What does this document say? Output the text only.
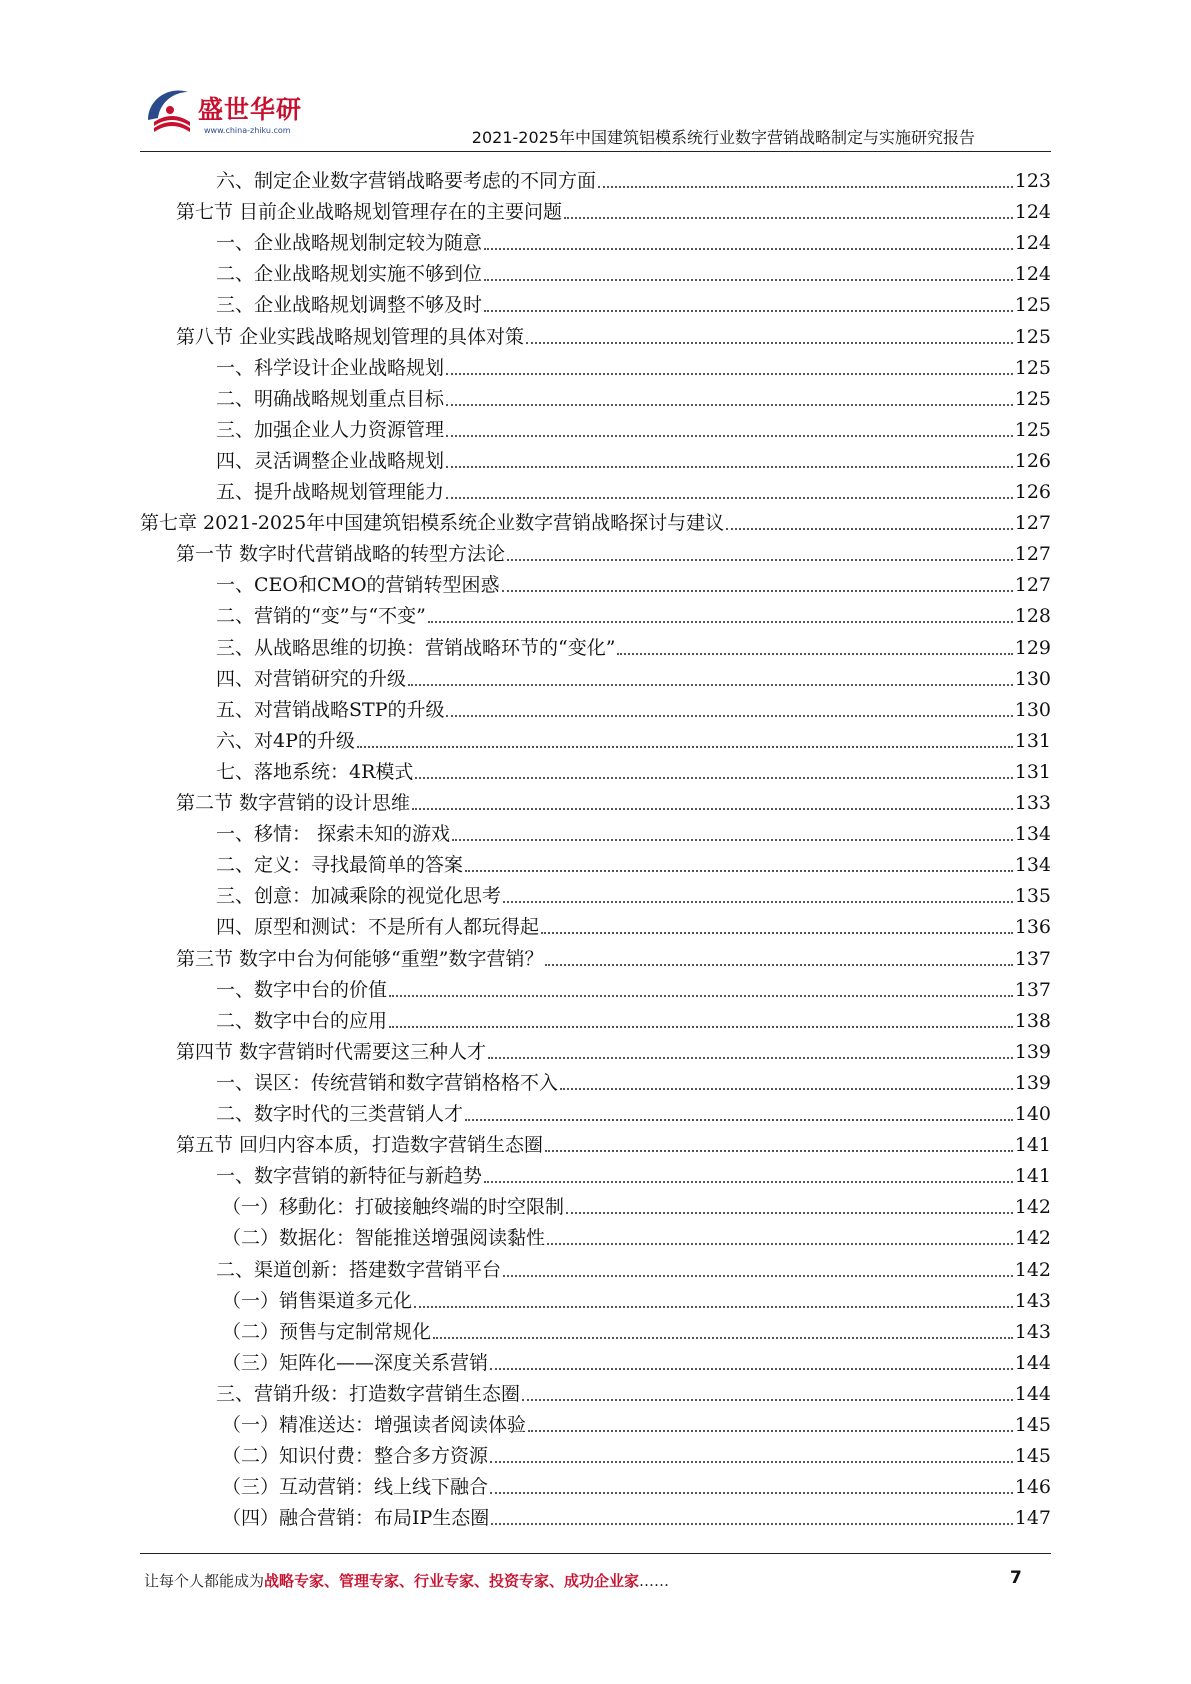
盛世华研
www.china-zhiku.com	2021-2025年中国建筑铝模系统行业数字营销战略制定与实施研究报告
六、制定企业数字营销战略要考虑的不同方面	123
第七节 目前企业战略规划管理存在的主要问题	124
一、企业战略规划制定较为随意	124
二、企业战略规划实施不够到位	124
三、企业战略规划调整不够及时	125
第八节 企业实践战略规划管理的具体对策	125
一、科学设计企业战略规划	125
二、明确战略规划重点目标	125
三、加强企业人力资源管理	125
四、灵活调整企业战略规划	126
五、提升战略规划管理能力	126
第七章 2021-2025年中国建筑铝模系统企业数字营销战略探讨与建议	127
第一节 数字时代营销战略的转型方法论	127
一、CEO和CMO的营销转型困惑	127
二、营销的“变”与“不变”	128
三、从战略思维的切换：营销战略环节的“变化”	129
四、对营销研究的升级	130
五、对营销战略STP的升级	130
六、对4P的升级	131
七、落地系统：4R模式	131
第二节 数字营销的设计思维	133
一、移情： 探索未知的游戏	134
二、定义：寻找最简单的答案	134
三、创意：加减乘除的视觉化思考	135
四、原型和测试：不是所有人都玩得起	136
第三节 数字中台为何能够“重塑”数字营销？	137
一、数字中台的价值	137
二、数字中台的应用	138
第四节 数字营销时代需要这三种人才	139
一、误区：传统营销和数字营销格格不入	139
二、数字时代的三类营销人才	140
第五节 回归内容本质，打造数字营销生态圈	141
一、数字营销的新特征与新趋势	141
（一）移動化：打破接触终端的时空限制	142
（二）数据化：智能推送增强阅读黏性	142
二、渠道创新：搭建数字营销平台	142
（一）销售渠道多元化	143
（二）预售与定制常规化	143
（三）矩阵化——深度关系营销	144
三、营销升级：打造数字营销生态圈	144
（一）精准送达：增强读者阅读体验	145
（二）知识付费：整合多方资源	145
（三）互动营销：线上线下融合	146
（四）融合营销：布局IP生态圈	147
让每个人都能成为战略专家、管理专家、行业专家、投资专家、成功企业家……	7
